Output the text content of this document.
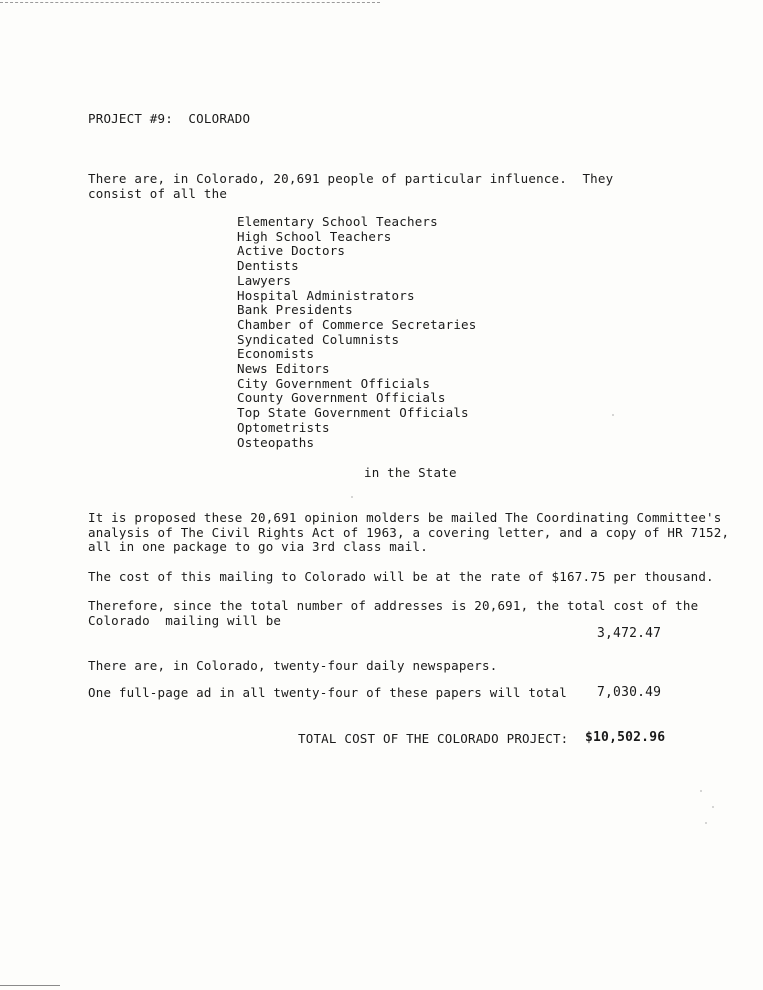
PROJECT #9:  COLORADO
There are, in Colorado, 20,691 people of particular influence.  They
consist of all the
Elementary School Teachers
High School Teachers
Active Doctors
Dentists
Lawyers
Hospital Administrators
Bank Presidents
Chamber of Commerce Secretaries
Syndicated Columnists
Economists
News Editors
City Government Officials
County Government Officials
Top State Government Officials
Optometrists
Osteopaths
in the State
It is proposed these 20,691 opinion molders be mailed The Coordinating Committee's
analysis of The Civil Rights Act of 1963, a covering letter, and a copy of HR 7152,
all in one package to go via 3rd class mail.
The cost of this mailing to Colorado will be at the rate of $167.75 per thousand.
Therefore, since the total number of addresses is 20,691, the total cost of the
Colorado  mailing will be
3,472.47
There are, in Colorado, twenty-four daily newspapers.
One full-page ad in all twenty-four of these papers will total 7,030.49
TOTAL COST OF THE COLORADO PROJECT: $10,502.96
